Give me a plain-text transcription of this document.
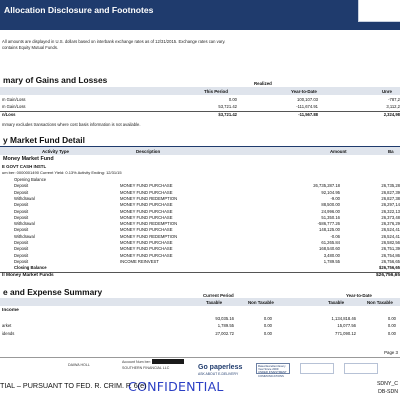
Allocation Disclosure and Footnotes
All amounts are displayed in U.S. dollars based on interbank exchange rates as of 12/31/2015. Exchange rates can vary.
contains Equity Mutual Funds.
mary of Gains and Losses	Realized
This Period	Year-to-Date	Unre
m Gain/Loss	0.00	100,107.03	-787,2
m Gain/Loss	53,721.42	-111,674.91	3,112,2
n/Loss	$3,721.42	-11,567.88	2,324,98
mmary excludes transactions where cost basis information is not available.
y Market Fund Detail
Activity Type	Description	Amount	Ba
Money Market Fund
E GOVT CASH INSTL
um ber: 0000001490 Current Yield: 0.13% Activity Ending: 12/31/15
Opening Balance
Deposit	MONEY FUND PURCHASE	26,735,287.18	26,735,28
Deposit	MONEY FUND PURCHASE	92,104.95	26,827,39
Withdrawal	MONEY FUND REDEMPTION	-9.00	26,827,38
Deposit	MONEY FUND PURCHASE	88,500.00	26,297,14
Deposit	MONEY FUND PURCHASE	24,996.00	26,322,13
Deposit	MONEY FUND PURCHASE	51,350.16	26,373,48
Withdrawal	MONEY FUND REDEMPTION	-586,777.26	26,376,29
Deposit	MONEY FUND PURCHASE	148,125.00	26,524,41
Withdrawal	MONEY FUND REDEMPTION	-0.06	26,524,41
Deposit	MONEY FUND PURCHASE	61,265.84	26,582,56
Deposit	MONEY FUND PURCHASE	168,540.60	26,751,39
Deposit	MONEY FUND PURCHASE	3,480.00	26,754,86
Deposit	INCOME REINVEST	1,789.55	26,756,65
Closing Balance	$26,756,65
ll Money Market Funds	$26,756,65
e and Expense Summary	Current Period	Year-to-Date
Taxable	Non Taxable	Taxable	Non Taxable
Income
93,035.16	0.00	1,134,818.46	0.00
arket	1,789.55	0.00	15,077.56	0.00
idends	27,002.72	0.00	771,090.12	0.00
Page 3
DAIWA HOLL
Account Num ber:
SOUTHERN FINANCIAL LLC	Go paperless
ASK ABOUT E-DELIVERY
Rated Excellent Every Year Since 2009 UNDER INVESTMENT COMMUNICATIONS
CONFIDENTIAL
TIAL – PURSUANT TO FED. R. CRIM. P. 6(e)	SDNY_C
DB-SDN
